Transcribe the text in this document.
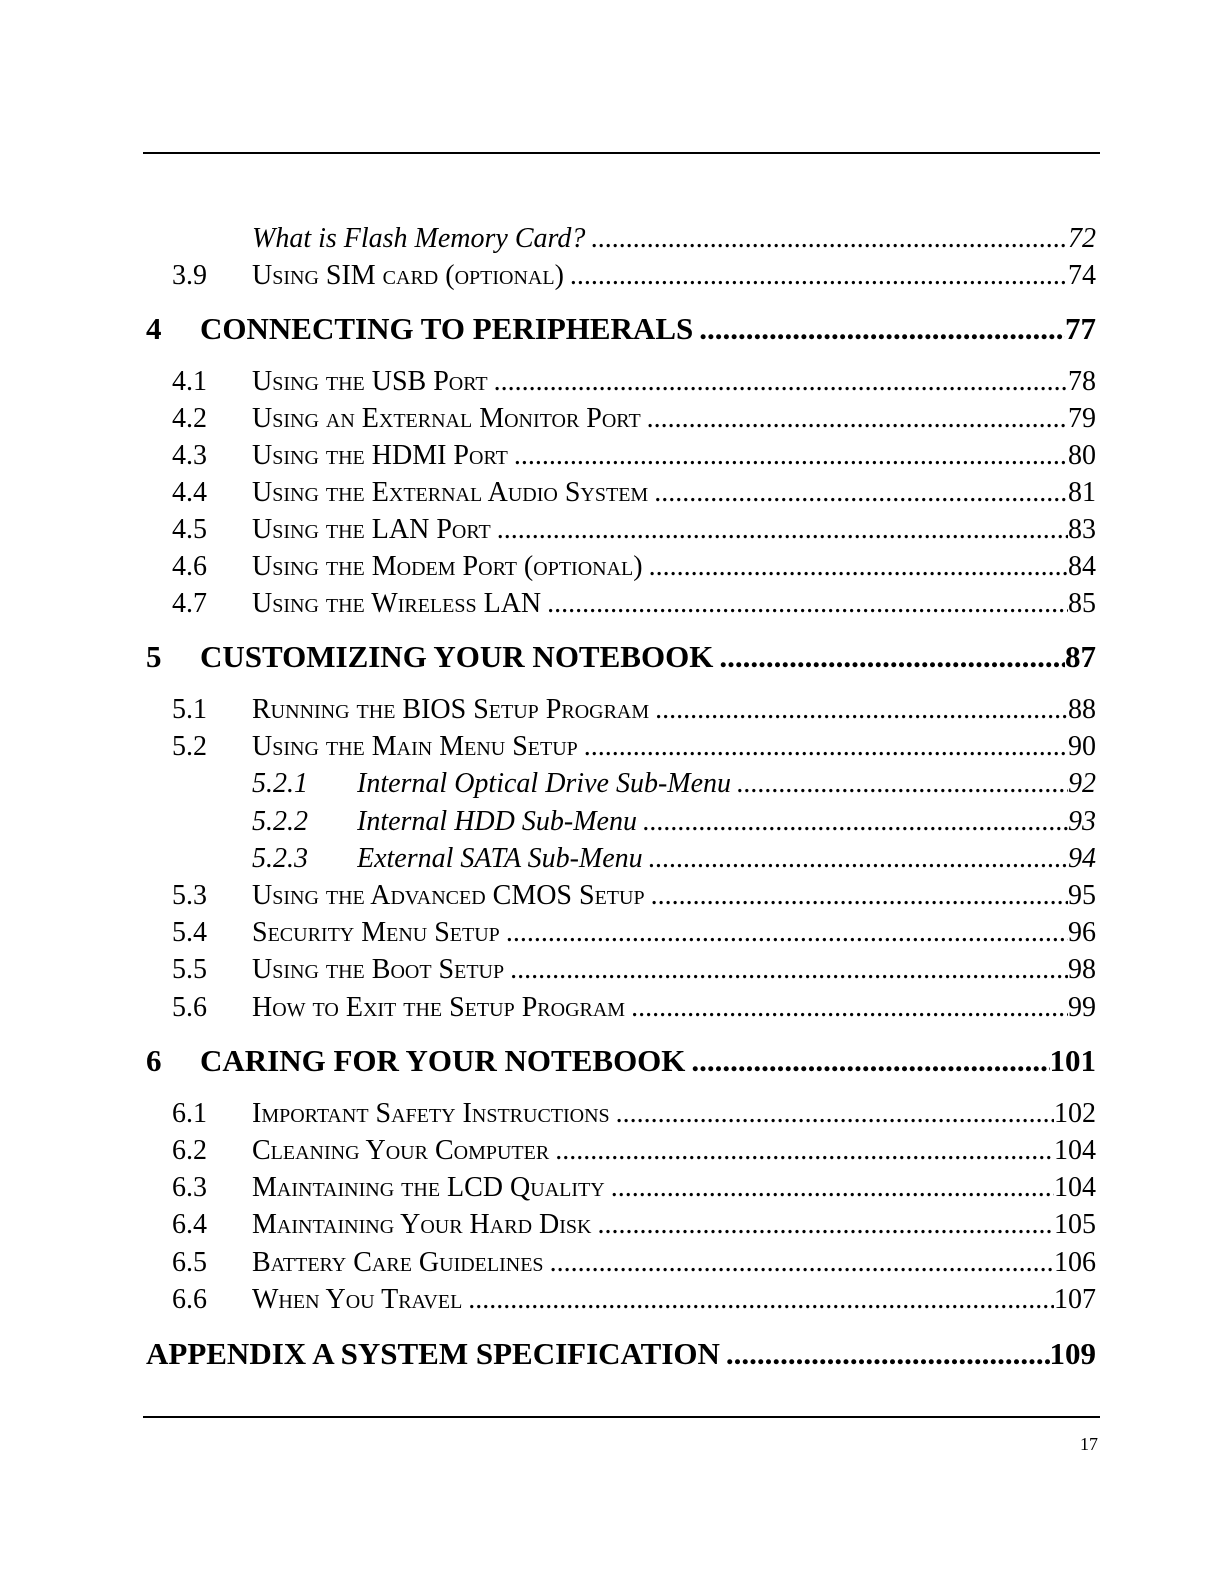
What is Flash Memory Card? .....	72
3.9 Using SIM card (optional) .....	74
4 CONNECTING TO PERIPHERALS .....	77
4.1 Using the USB Port .....	78
4.2 Using an External Monitor Port .....	79
4.3 Using the HDMI Port .....	80
4.4 Using the External Audio System .....	81
4.5 Using the LAN Port .....	83
4.6 Using the Modem Port (optional) .....	84
4.7 Using the Wireless LAN .....	85
5 CUSTOMIZING YOUR NOTEBOOK .....	87
5.1 Running the BIOS Setup Program .....	88
5.2 Using the Main Menu Setup .....	90
5.2.1 Internal Optical Drive Sub-Menu .....	92
5.2.2 Internal HDD Sub-Menu .....	93
5.2.3 External SATA Sub-Menu .....	94
5.3 Using the Advanced CMOS Setup .....	95
5.4 Security Menu Setup .....	96
5.5 Using the Boot Setup .....	98
5.6 How to Exit the Setup Program .....	99
6 CARING FOR YOUR NOTEBOOK .....	101
6.1 Important Safety Instructions .....	102
6.2 Cleaning Your Computer .....	104
6.3 Maintaining the LCD Quality .....	104
6.4 Maintaining Your Hard Disk .....	105
6.5 Battery Care Guidelines .....	106
6.6 When You Travel .....	107
APPENDIX A SYSTEM SPECIFICATION .....	109
17
